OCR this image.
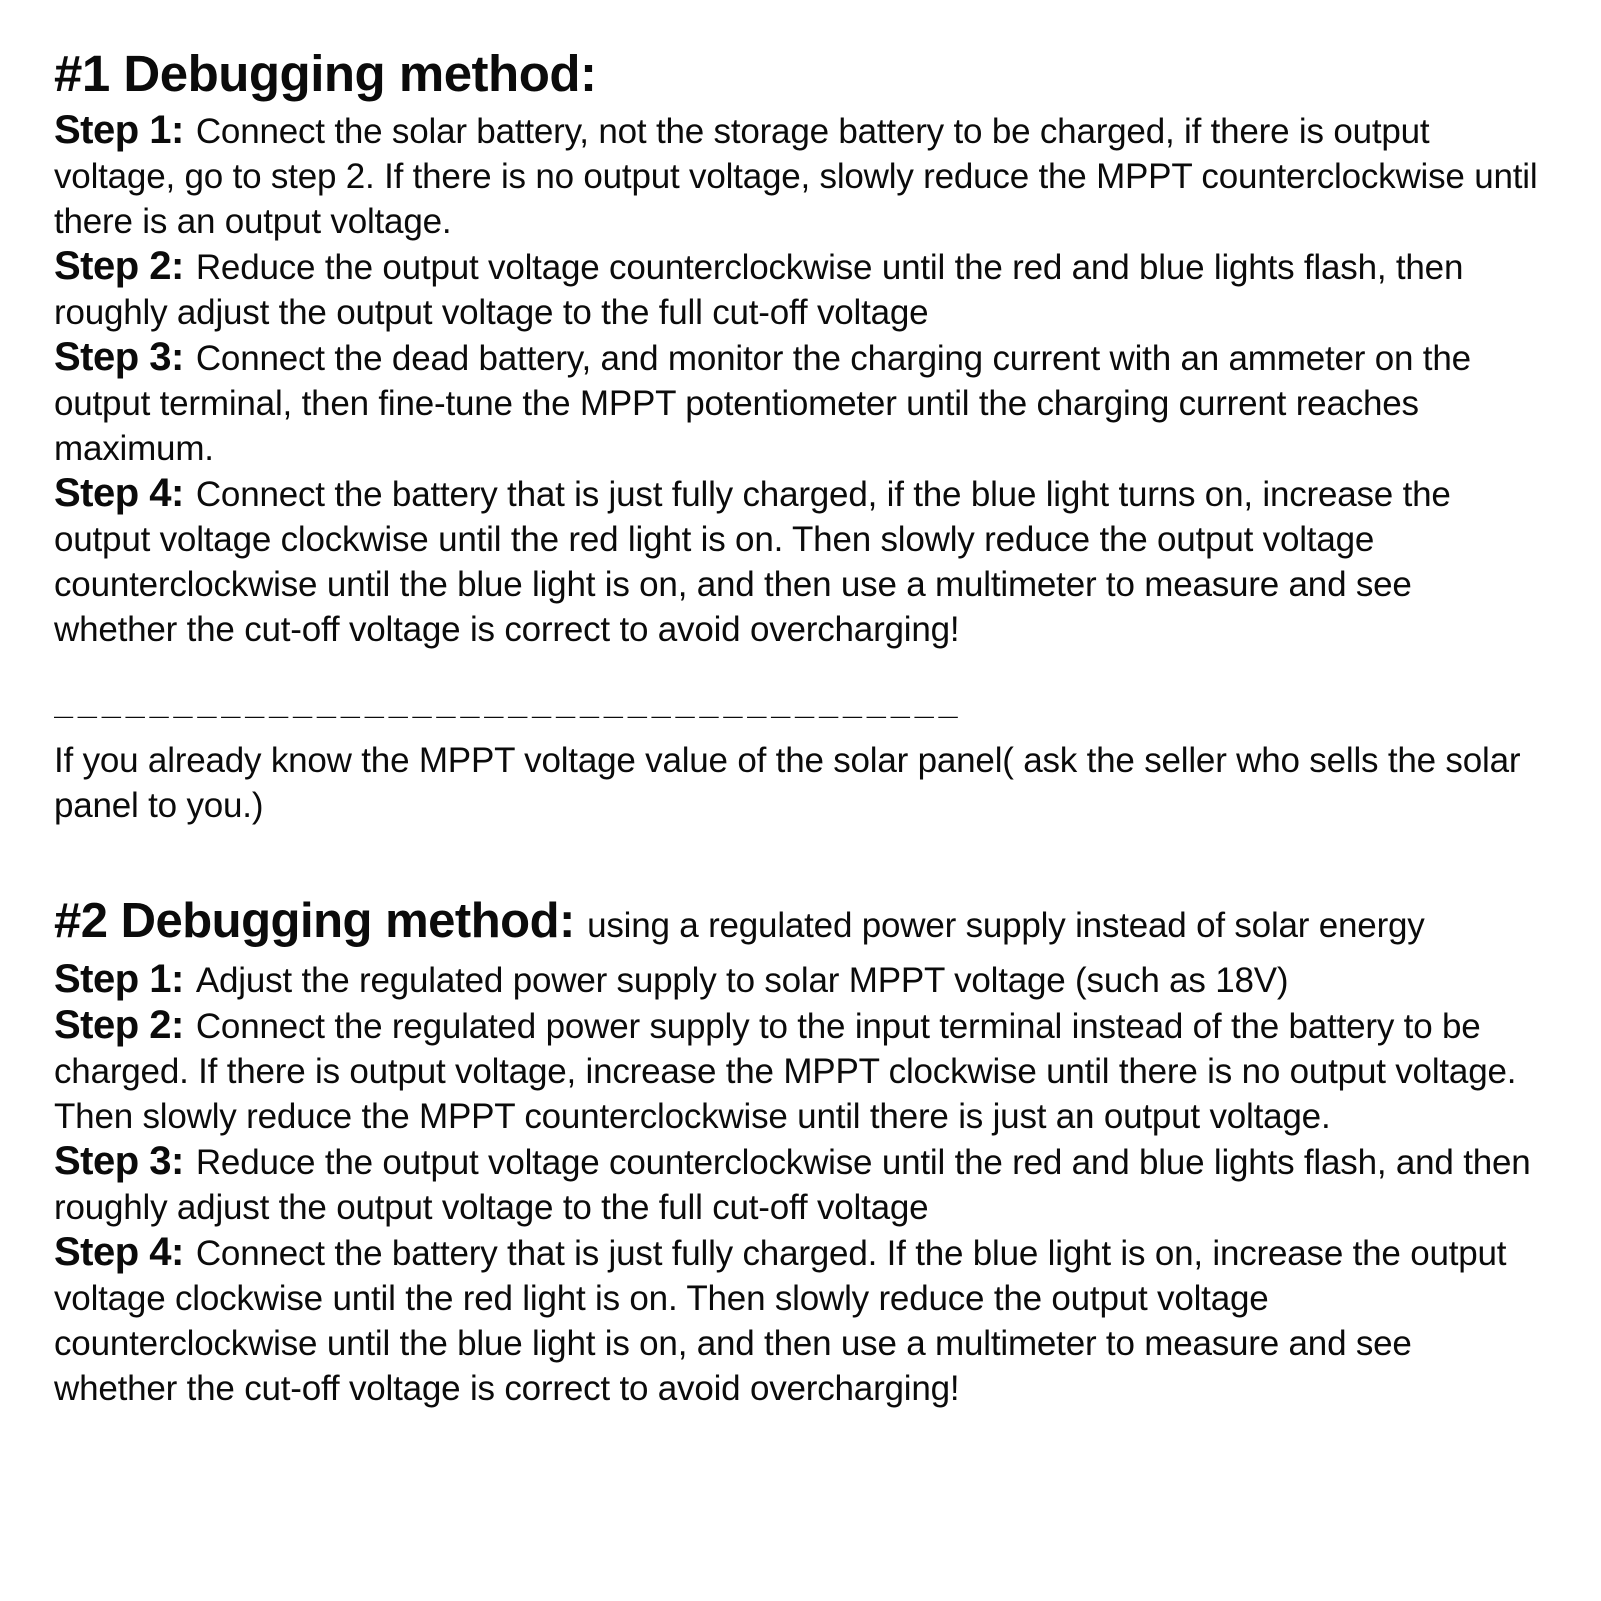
#1 Debugging method:

Step 1: Connect the solar battery, not the storage battery to be charged, if there is output voltage, go to step 2. If there is no output voltage, slowly reduce the MPPT counterclockwise until there is an output voltage.

Step 2: Reduce the output voltage counterclockwise until the red and blue lights flash, then roughly adjust the output voltage to the full cut-off voltage

Step 3: Connect the dead battery, and monitor the charging current with an ammeter on the output terminal, then fine-tune the MPPT potentiometer until the charging current reaches maximum.

Step 4: Connect the battery that is just fully charged, if the blue light turns on, increase the output voltage clockwise until the red light is on. Then slowly reduce the output voltage counterclockwise until the blue light is on, and then use a multimeter to measure and see whether the cut-off voltage is correct to avoid overcharging!

______________________________________

If you already know the MPPT voltage value of the solar panel( ask the seller who sells the solar panel to you.)

#2 Debugging method: using a regulated power supply instead of solar energy

Step 1: Adjust the regulated power supply to solar MPPT voltage (such as 18V)

Step 2: Connect the regulated power supply to the input terminal instead of the battery to be charged. If there is output voltage, increase the MPPT clockwise until there is no output voltage. Then slowly reduce the MPPT counterclockwise until there is just an output voltage.

Step 3: Reduce the output voltage counterclockwise until the red and blue lights flash, and then roughly adjust the output voltage to the full cut-off voltage

Step 4: Connect the battery that is just fully charged. If the blue light is on, increase the output voltage clockwise until the red light is on. Then slowly reduce the output voltage counterclockwise until the blue light is on, and then use a multimeter to measure and see whether the cut-off voltage is correct to avoid overcharging!
